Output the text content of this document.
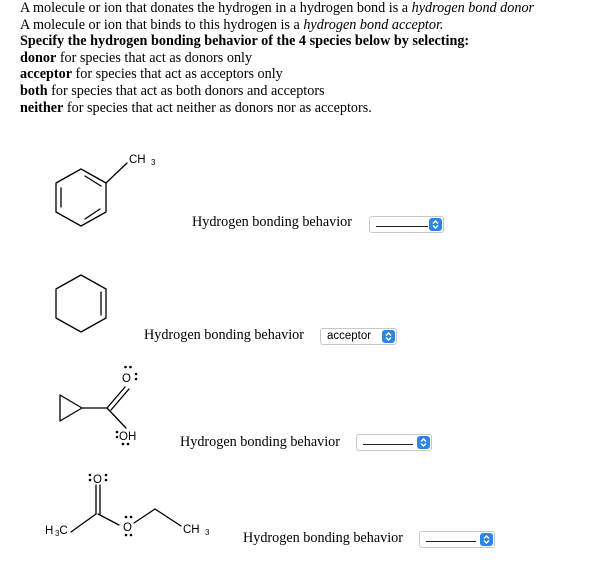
A molecule or ion that donates the hydrogen in a hydrogen bond is a hydrogen bond donor

A molecule or ion that binds to this hydrogen is a hydrogen bond acceptor.

Specify the hydrogen bonding behavior of the 4 species below by selecting:

donor for species that act as donors only

acceptor for species that act as acceptors only

both for species that act as both donors and acceptors

neither for species that act neither as donors nor as acceptors.

CH
O
OH
O
H C	O	CH
3
3	3
Hydrogen bonding behavior
Hydrogen bonding behavior acceptor
Hydrogen bonding behavior
Hydrogen bonding behavior
